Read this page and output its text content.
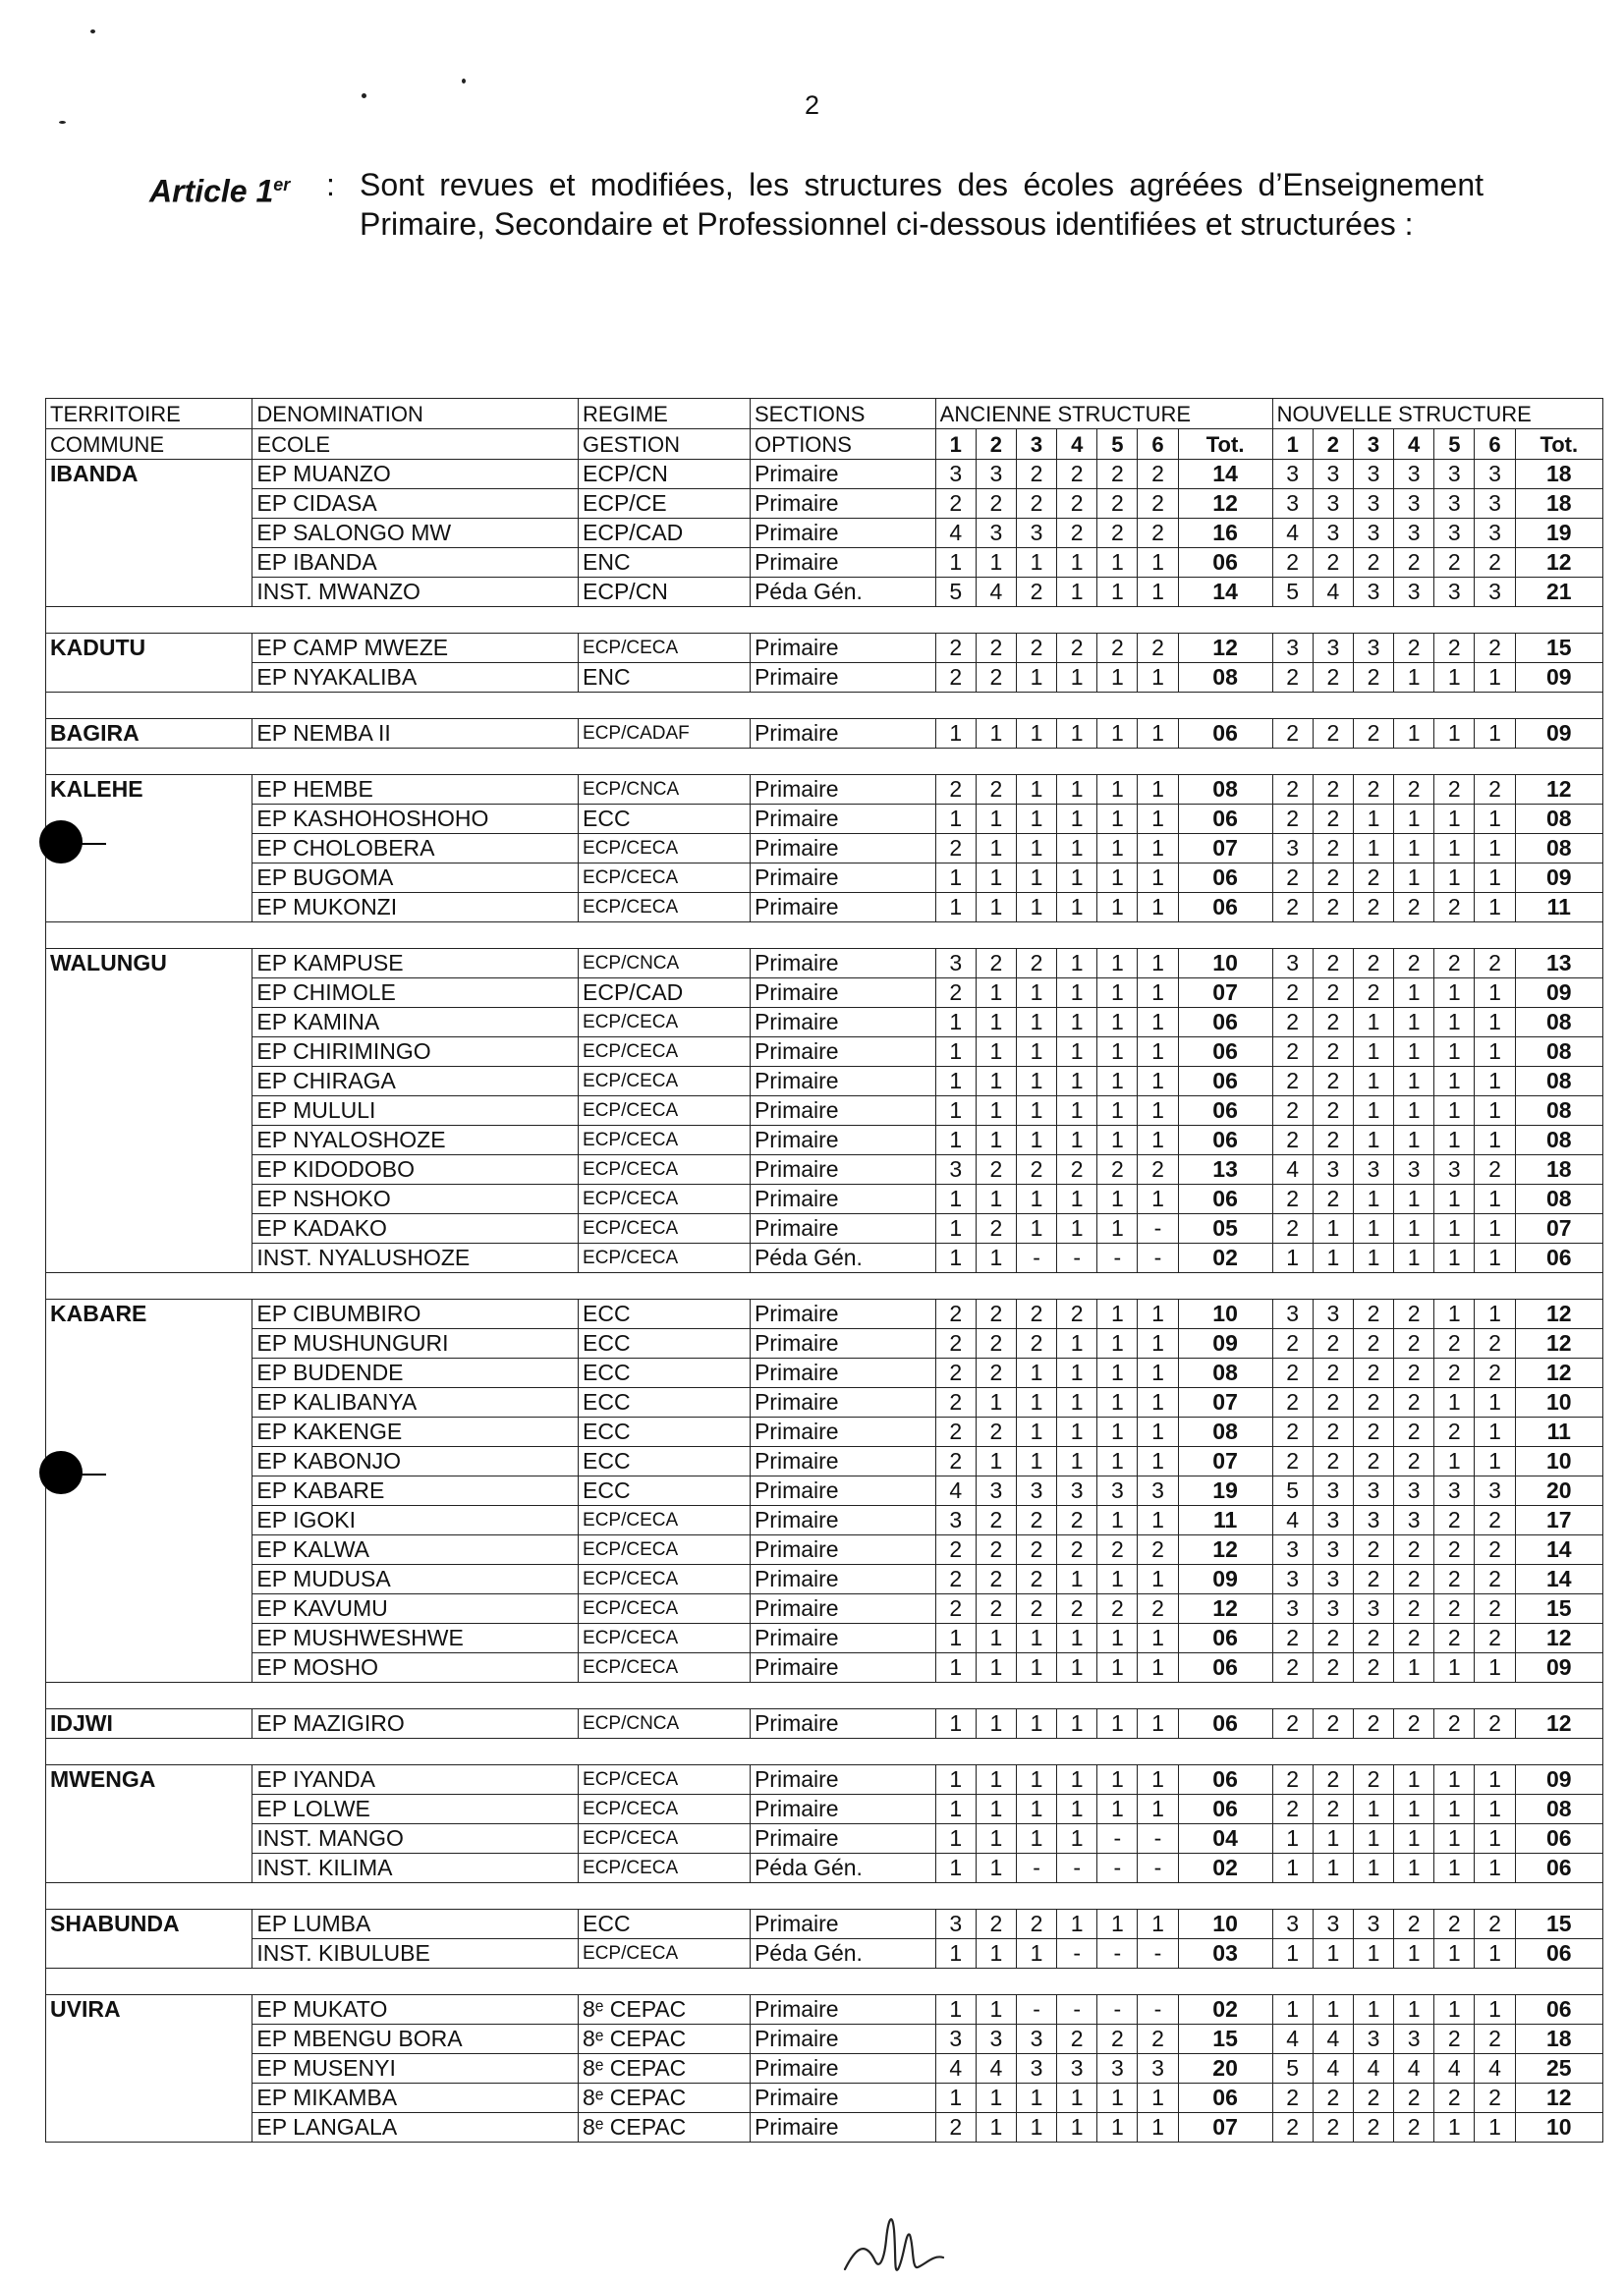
2
Article 1er : Sont revues et modifiées, les structures des écoles agréées d’Enseignement Primaire, Secondaire et Professionnel ci-dessous identifiées et structurées :
TERRITOIRE	DENOMINATION	REGIME	SECTIONS	ANCIENNE STRUCTURE							NOUVELLE STRUCTURE						
COMMUNE	ECOLE	GESTION	OPTIONS	1	2	3	4	5	6	Tot.	1	2	3	4	5	6	Tot.
IBANDA	EP MUANZO	ECP/CN	Primaire	3	3	2	2	2	2	14	3	3	3	3	3	3	18
	EP CIDASA	ECP/CE	Primaire	2	2	2	2	2	2	12	3	3	3	3	3	3	18
	EP SALONGO MW	ECP/CAD	Primaire	4	3	3	2	2	2	16	4	3	3	3	3	3	19
	EP IBANDA	ENC	Primaire	1	1	1	1	1	1	06	2	2	2	2	2	2	12
	INST. MWANZO	ECP/CN	Péda Gén.	5	4	2	1	1	1	14	5	4	3	3	3	3	21

KADUTU	EP CAMP MWEZE	ECP/CECA	Primaire	2	2	2	2	2	2	12	3	3	3	2	2	2	15
	EP NYAKALIBA	ENC	Primaire	2	2	1	1	1	1	08	2	2	2	1	1	1	09

BAGIRA	EP NEMBA II	ECP/CADAF	Primaire	1	1	1	1	1	1	06	2	2	2	1	1	1	09

KALEHE	EP HEMBE	ECP/CNCA	Primaire	2	2	1	1	1	1	08	2	2	2	2	2	2	12
	EP KASHOHOSHOHO	ECC	Primaire	1	1	1	1	1	1	06	2	2	1	1	1	1	08
	EP CHOLOBERA	ECP/CECA	Primaire	2	1	1	1	1	1	07	3	2	1	1	1	1	08
	EP BUGOMA	ECP/CECA	Primaire	1	1	1	1	1	1	06	2	2	2	1	1	1	09
	EP MUKONZI	ECP/CECA	Primaire	1	1	1	1	1	1	06	2	2	2	2	2	1	11

WALUNGU	EP KAMPUSE	ECP/CNCA	Primaire	3	2	2	1	1	1	10	3	2	2	2	2	2	13
	EP CHIMOLE	ECP/CAD	Primaire	2	1	1	1	1	1	07	2	2	2	1	1	1	09
	EP KAMINA	ECP/CECA	Primaire	1	1	1	1	1	1	06	2	2	1	1	1	1	08
	EP CHIRIMINGO	ECP/CECA	Primaire	1	1	1	1	1	1	06	2	2	1	1	1	1	08
	EP CHIRAGA	ECP/CECA	Primaire	1	1	1	1	1	1	06	2	2	1	1	1	1	08
	EP MULULI	ECP/CECA	Primaire	1	1	1	1	1	1	06	2	2	1	1	1	1	08
	EP NYALOSHOZE	ECP/CECA	Primaire	1	1	1	1	1	1	06	2	2	1	1	1	1	08
	EP KIDODOBO	ECP/CECA	Primaire	3	2	2	2	2	2	13	4	3	3	3	3	2	18
	EP NSHOKO	ECP/CECA	Primaire	1	1	1	1	1	1	06	2	2	1	1	1	1	08
	EP KADAKO	ECP/CECA	Primaire	1	2	1	1	1	-	05	2	1	1	1	1	1	07
	INST. NYALUSHOZE	ECP/CECA	Péda Gén.	1	1	-	-	-	-	02	1	1	1	1	1	1	06

KABARE	EP CIBUMBIRO	ECC	Primaire	2	2	2	2	1	1	10	3	3	2	2	1	1	12
	EP MUSHUNGURI	ECC	Primaire	2	2	2	1	1	1	09	2	2	2	2	2	2	12
	EP BUDENDE	ECC	Primaire	2	2	1	1	1	1	08	2	2	2	2	2	2	12
	EP KALIBANYA	ECC	Primaire	2	1	1	1	1	1	07	2	2	2	2	1	1	10
	EP KAKENGE	ECC	Primaire	2	2	1	1	1	1	08	2	2	2	2	2	1	11
	EP KABONJO	ECC	Primaire	2	1	1	1	1	1	07	2	2	2	2	1	1	10
	EP KABARE	ECC	Primaire	4	3	3	3	3	3	19	5	3	3	3	3	3	20
	EP IGOKI	ECP/CECA	Primaire	3	2	2	2	1	1	11	4	3	3	3	2	2	17
	EP KALWA	ECP/CECA	Primaire	2	2	2	2	2	2	12	3	3	2	2	2	2	14
	EP MUDUSA	ECP/CECA	Primaire	2	2	2	1	1	1	09	3	3	2	2	2	2	14
	EP KAVUMU	ECP/CECA	Primaire	2	2	2	2	2	2	12	3	3	3	2	2	2	15
	EP MUSHWESHWE	ECP/CECA	Primaire	1	1	1	1	1	1	06	2	2	2	2	2	2	12
	EP MOSHO	ECP/CECA	Primaire	1	1	1	1	1	1	06	2	2	2	1	1	1	09

IDJWI	EP MAZIGIRO	ECP/CNCA	Primaire	1	1	1	1	1	1	06	2	2	2	2	2	2	12

MWENGA	EP IYANDA	ECP/CECA	Primaire	1	1	1	1	1	1	06	2	2	2	1	1	1	09
	EP LOLWE	ECP/CECA	Primaire	1	1	1	1	1	1	06	2	2	1	1	1	1	08
	INST. MANGO	ECP/CECA	Primaire	1	1	1	1	-	-	04	1	1	1	1	1	1	06
	INST. KILIMA	ECP/CECA	Péda Gén.	1	1	-	-	-	-	02	1	1	1	1	1	1	06

SHABUNDA	EP LUMBA	ECC	Primaire	3	2	2	1	1	1	10	3	3	3	2	2	2	15
	INST. KIBULUBE	ECP/CECA	Péda Gén.	1	1	1	-	-	-	03	1	1	1	1	1	1	06

UVIRA	EP MUKATO	8ᵉ CEPAC	Primaire	1	1	-	-	-	-	02	1	1	1	1	1	1	06
	EP MBENGU BORA	8ᵉ CEPAC	Primaire	3	3	3	2	2	2	15	4	4	3	3	2	2	18
	EP MUSENYI	8ᵉ CEPAC	Primaire	4	4	3	3	3	3	20	5	4	4	4	4	4	25
	EP MIKAMBA	8ᵉ CEPAC	Primaire	1	1	1	1	1	1	06	2	2	2	2	2	2	12
	EP LANGALA	8ᵉ CEPAC	Primaire	2	1	1	1	1	1	07	2	2	2	2	1	1	10
